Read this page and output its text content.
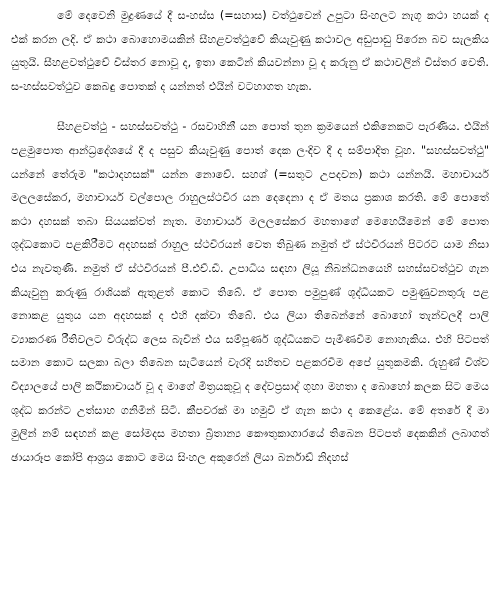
මේ දෙවෙනි මුද්‍රණයේ දී ස-හස්ස (=සහාස) වත්ථුවෙන් උපුටා සිංහලට නැගූ කථා හයක් ද එක් කරන ලදි. ඒ කථා බොහොමයකින් සීහළවත්ථුවේ කියැවුණු කථාවල අඩුපාඩු පිරෙන බව සැලකිය යුතුයි. සීහළවත්ථුවේ විස්තර නොවූ ද, ඉතා කෙටින් කියවන්නා වූ ද කරුනු ඒ කථාවලින් විස්තර වෙති. ස-හස්සවත්ථුව කෙබඳු පොතක් ද යන්නත් එයින් වටහාගත හැක.

සීහළවත්ථු - සහස්සවත්ථු - රසවාහිනී යන පොත් තුන ක්‍රමයෙන් එකිනෙකට පැරණිය. එයින් පළමුපොත ආන්ධ්‍රදේශයේ දී ද පසුව කියැවුණු පොත් දෙක ලංදිව දී ද සම්පාදිත වූහ. "සහස්සවත්ථු" යන්නේ තේරුම "කථාදහසක්" යන්න නොවේ. සහශ් (=සතුට උපදවන) කථා යන්නයි. මහාචාර්ය මලලසේකර, මහාචාර්ය වල්පොල රාහුලස්ථවිර යන දෙදෙනා ද ඒ මතය ප්‍රකාශ කරති. මේ පොතේ කථා දහසක් තබා සියයක්වත් නැත. මහාචාර්ය මලලසේකර මහතාගේ මෙහෙයීමෙන් මේ පොත ශුද්ධකොට පළකිරීමට අදහසක් රාහුල ස්ථවිරයන් වෙත තිබුණ නමුත් ඒ ස්ථවිරයන් පිටරට යාම නිසා එය නැවතුණි. නමුත් ඒ ස්ථවිරයන් පී.එච්.ඩී. උපාධිය සඳහා ලියූ නිබන්ධනයෙහි සහස්සවත්ථුව ගැන කියැවුනු කරුණු රාශියක් ඇතුළත් කොට තිබේ. ඒ පොත පමුපුණ් ශුද්ධියකට පමුණුවනතුරු පළ නොකළ යුතුය යන අදහසක් ද එහි දක්වා තිබේ. එය ලියා තිබෙන්නේ බොහෝ තැන්වලදී පාලි ව්‍යාකරණ රීතිවලට විරුද්ධ ලෙස බැවින් එය සම්පූර්ණ ශුද්ධියකට පැමිණවීම නොහැකිය. එහි පිටපත් සමාන කොට සලකා බලා තිබෙන සැටියෙන් වැරදි සහිතව පළකරවීම අපේ යුතුකමකි. රුහුණ් විශ්ව විද්‍යාලයේ පාලි කථිකාචාර්ය වූ ද මාගේ මිත්‍රයකුවූ ද දේවප්‍රසාද් ගුහා මහතා ද බොහෝ කලක සිට මෙය ශුද්ධ කරන්ට උත්සාහ ගනිමින් සිටී. කීපවරක් මා හමුවී ඒ ගැන කථා ද කෙළේය. මේ අතරේ දී මා මුලින් නම් සඳහන් කළ සෝමදස මහතා බ්‍රිතාන්‍ය කෞතුකාගාරයේ තිබෙන පිටපත් දෙකකින් ලබාගත් ඡායාරූප කෝපි ආශ්‍රය කොට මෙය සිංහල අකුරෙන් ලියා බර්නාඩ් නිදහස්
